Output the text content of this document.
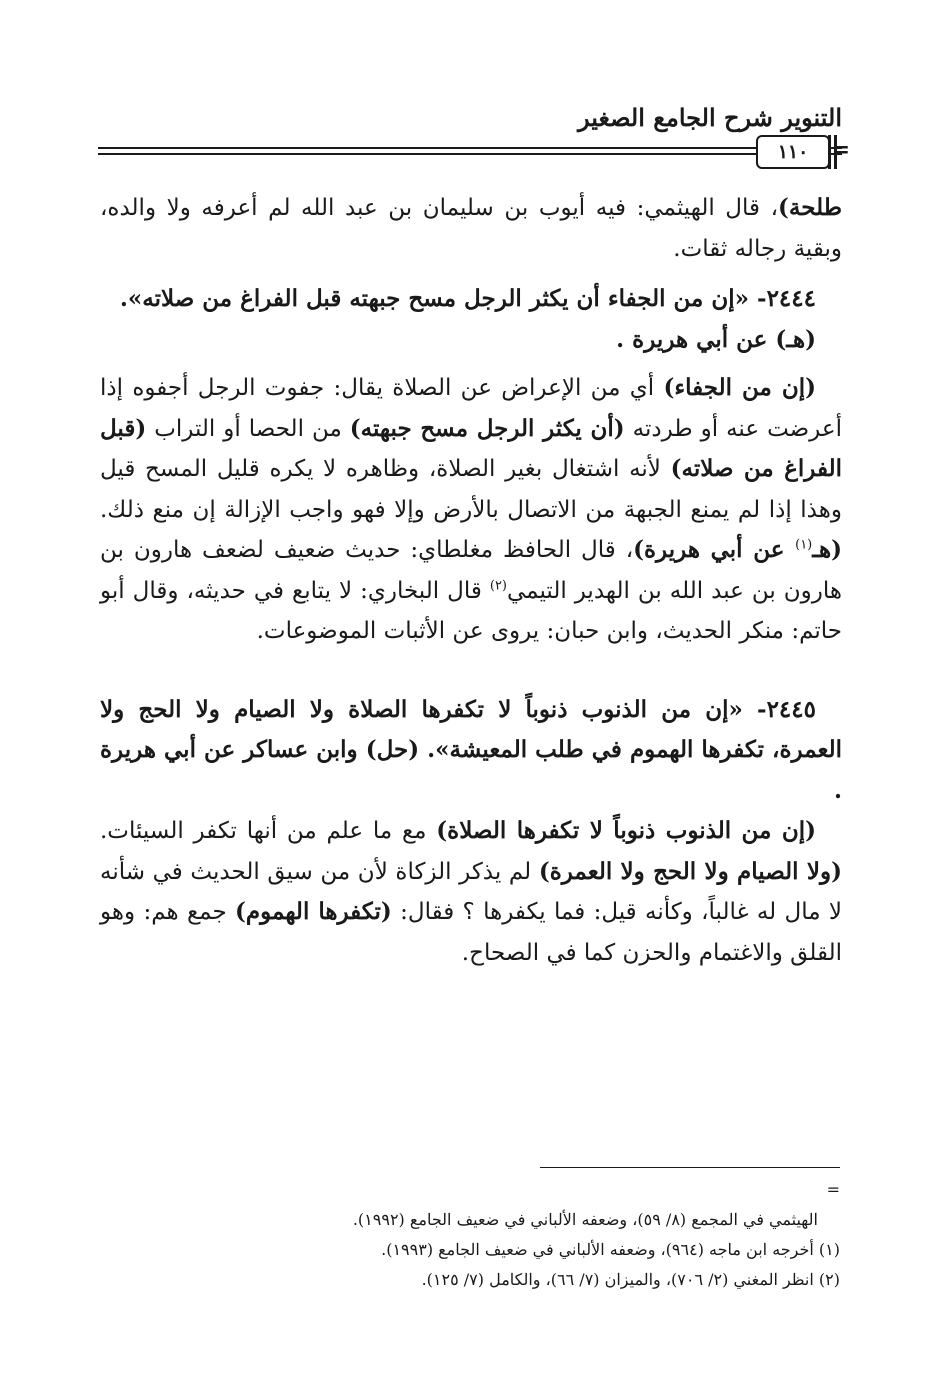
التنوير شرح الجامع الصغير
١١٠	=

طلحة)، قال الهيثمي: فيه أيوب بن سليمان بن عبد الله لم أعرفه ولا والده، وبقية رجاله ثقات.

٢٤٤٤- «إن من الجفاء أن يكثر الرجل مسح جبهته قبل الفراغ من صلاته».

(هـ) عن أبي هريرة .

(إن من الجفاء) أي من الإعراض عن الصلاة يقال: جفوت الرجل أجفوه إذا أعرضت عنه أو طردته (أن يكثر الرجل مسح جبهته) من الحصا أو التراب (قبل الفراغ من صلاته) لأنه اشتغال بغير الصلاة، وظاهره لا يكره قليل المسح قيل وهذا إذا لم يمنع الجبهة من الاتصال بالأرض وإلا فهو واجب الإزالة إن منع ذلك. (هـ$^{(١)}$ عن أبي هريرة)، قال الحافظ مغلطاي: حديث ضعيف لضعف هارون بن هارون بن عبد الله بن الهدير التيمي$^{(٢)}$ قال البخاري: لا يتابع في حديثه، وقال أبو حاتم: منكر الحديث، وابن حبان: يروى عن الأثبات الموضوعات.

٢٤٤٥- «إن من الذنوب ذنوباً لا تكفرها الصلاة ولا الصيام ولا الحج ولا العمرة، تكفرها الهموم في طلب المعيشة». (حل) وابن عساكر عن أبي هريرة .

(إن من الذنوب ذنوباً لا تكفرها الصلاة) مع ما علم من أنها تكفر السيئات. (ولا الصيام ولا الحج ولا العمرة) لم يذكر الزكاة لأن من سيق الحديث في شأنه لا مال له غالباً، وكأنه قيل: فما يكفرها ؟ فقال: (تكفرها الهموم) جمع هم: وهو القلق والاغتمام والحزن كما في الصحاح.

=

الهيثمي في المجمع (٨/ ٥٩)، وضعفه الألباني في ضعيف الجامع (١٩٩٢).

(١) أخرجه ابن ماجه (٩٦٤)، وضعفه الألباني في ضعيف الجامع (١٩٩٣).

(٢) انظر المغني (٢/ ٧٠٦)، والميزان (٧/ ٦٦)، والكامل (٧/ ١٢٥).
